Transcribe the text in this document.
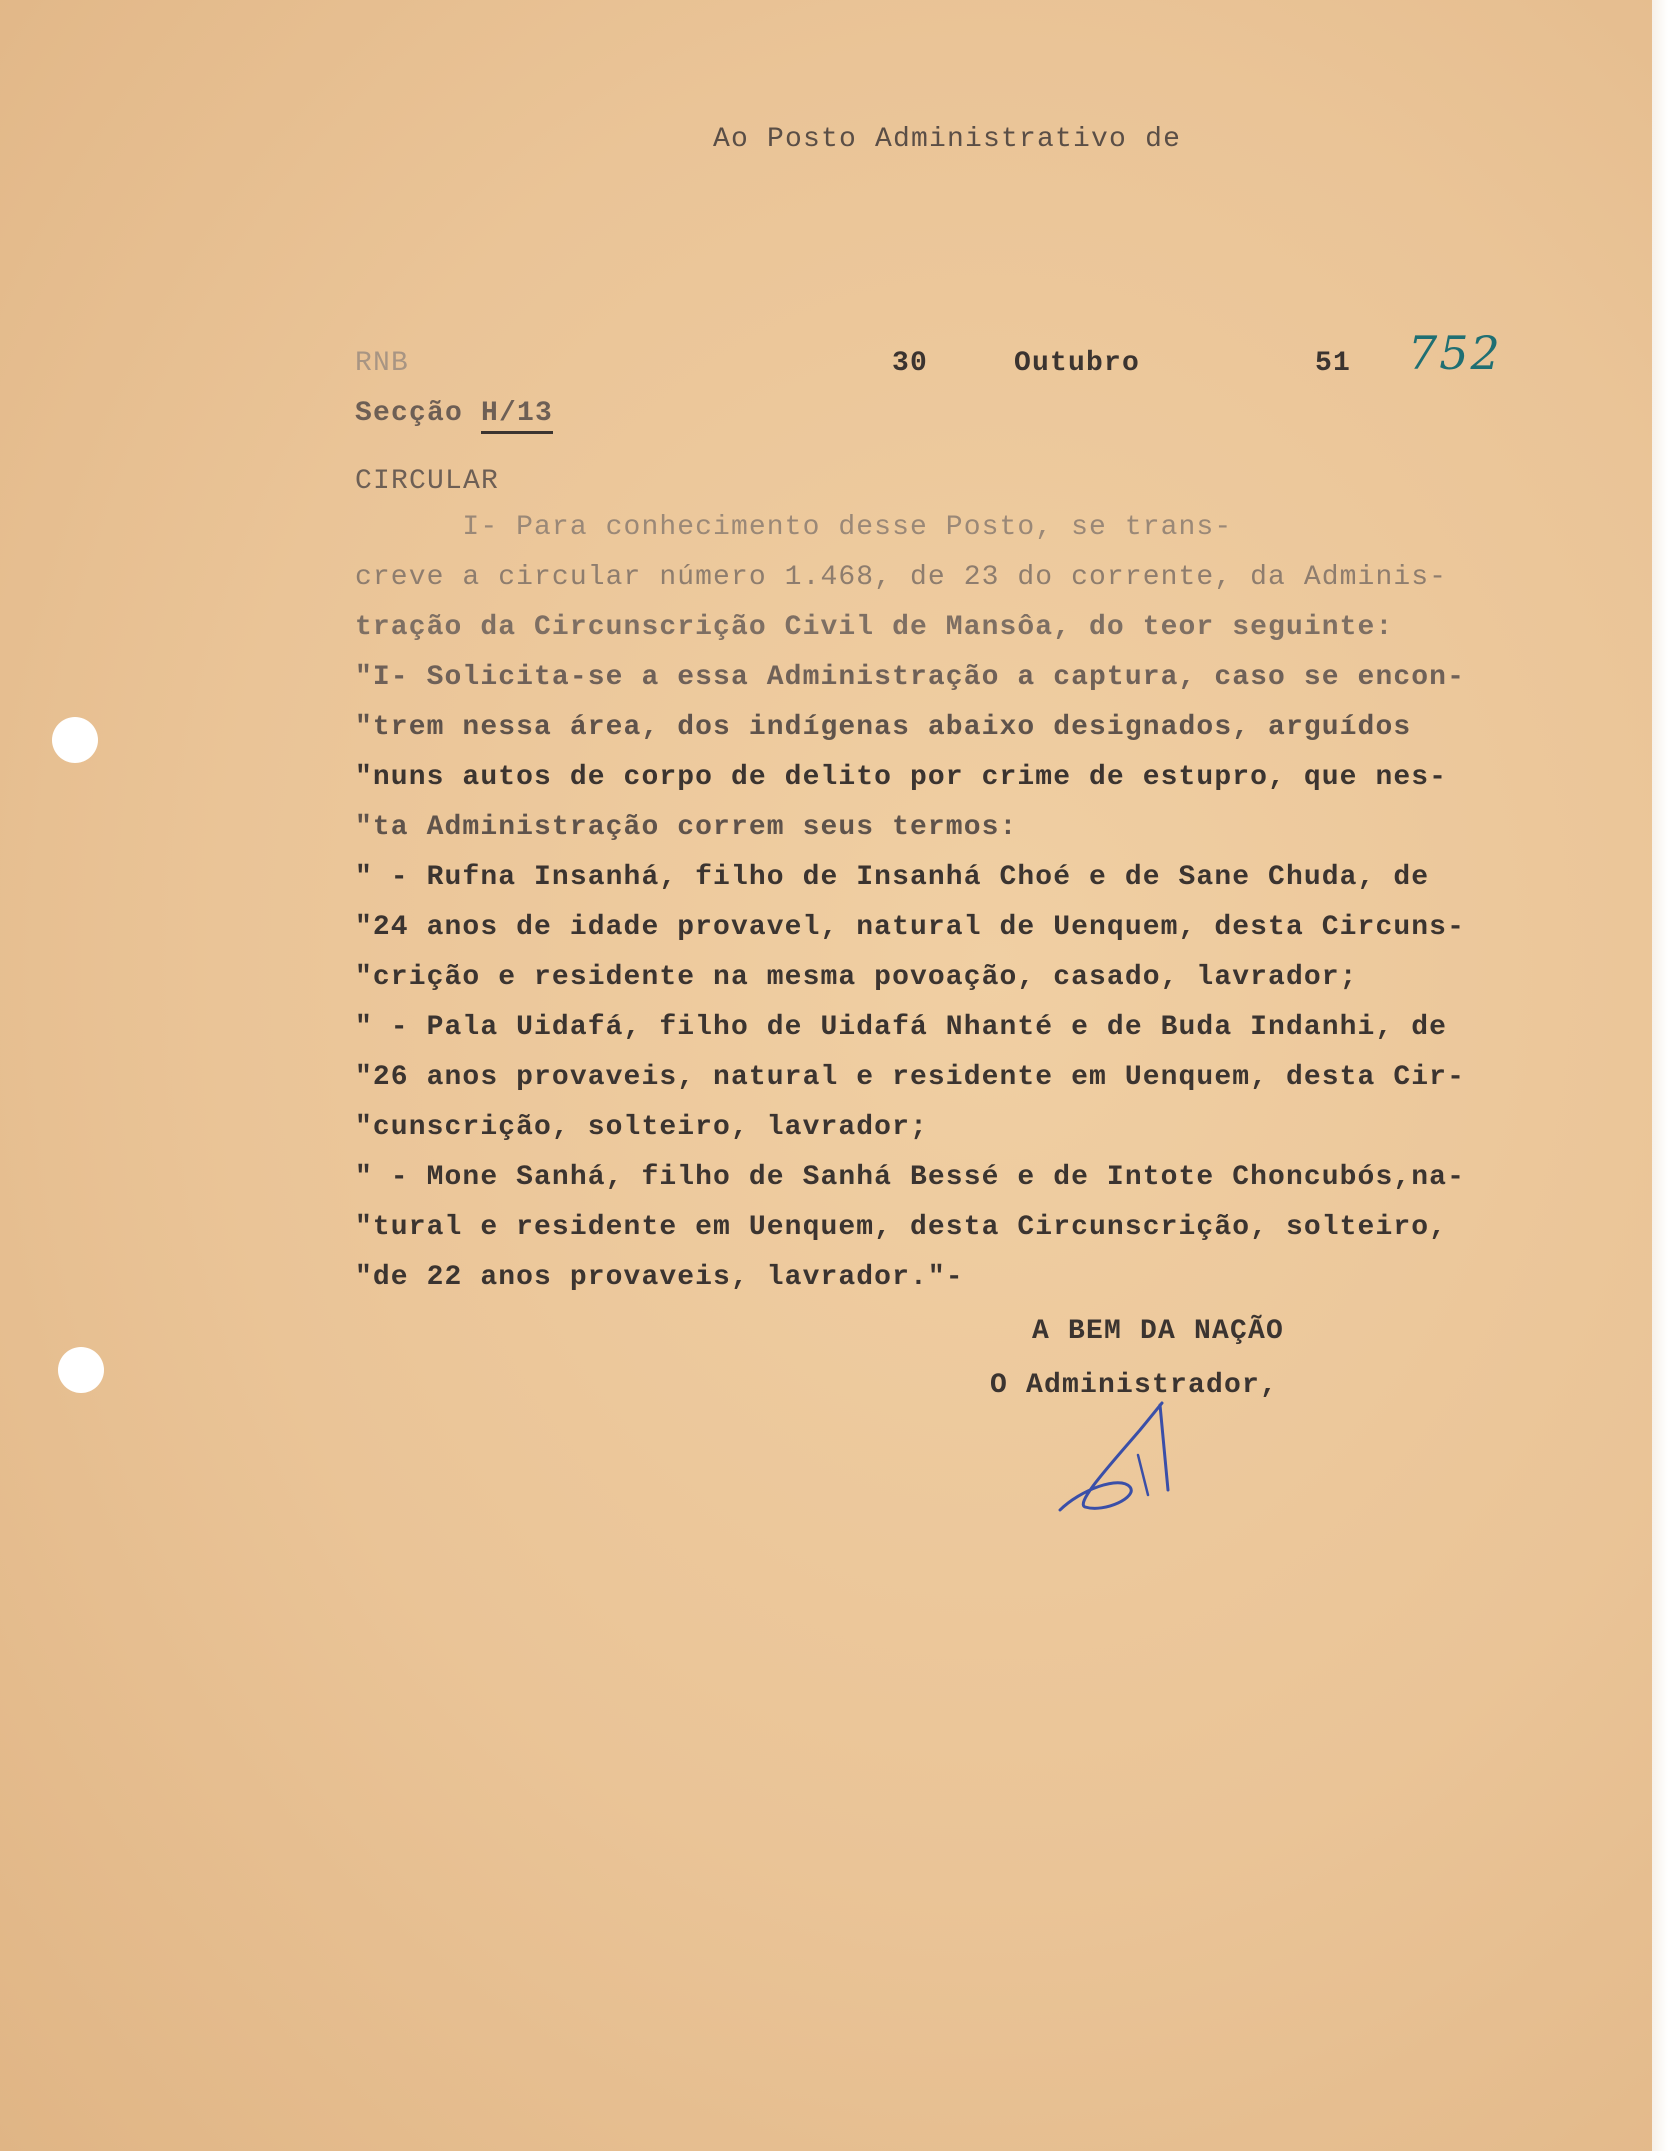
Ao Posto Administrativo de
RNB	30	Outubro	51 752
Secção H/13
CIRCULAR
I- Para conhecimento desse Posto, se trans-
creve a circular número 1.468, de 23 do corrente, da Adminis-
tração da Circunscrição Civil de Mansôa, do teor seguinte:
"I- Solicita-se a essa Administração a captura, caso se encon-
"trem nessa área, dos indígenas abaixo designados, arguídos
"nuns autos de corpo de delito por crime de estupro, que nes-
"ta Administração correm seus termos:
" - Rufna Insanhá, filho de Insanhá Choé e de Sane Chuda, de
"24 anos de idade provavel, natural de Uenquem, desta Circuns-
"crição e residente na mesma povoação, casado, lavrador;
" - Pala Uidafá, filho de Uidafá Nhanté e de Buda Indanhi, de
"26 anos provaveis, natural e residente em Uenquem, desta Cir-
"cunscrição, solteiro, lavrador;
" - Mone Sanhá, filho de Sanhá Bessé e de Intote Choncubós,na-
"tural e residente em Uenquem, desta Circunscrição, solteiro,
"de 22 anos provaveis, lavrador."-
A BEM DA NAÇÃO
O Administrador,
